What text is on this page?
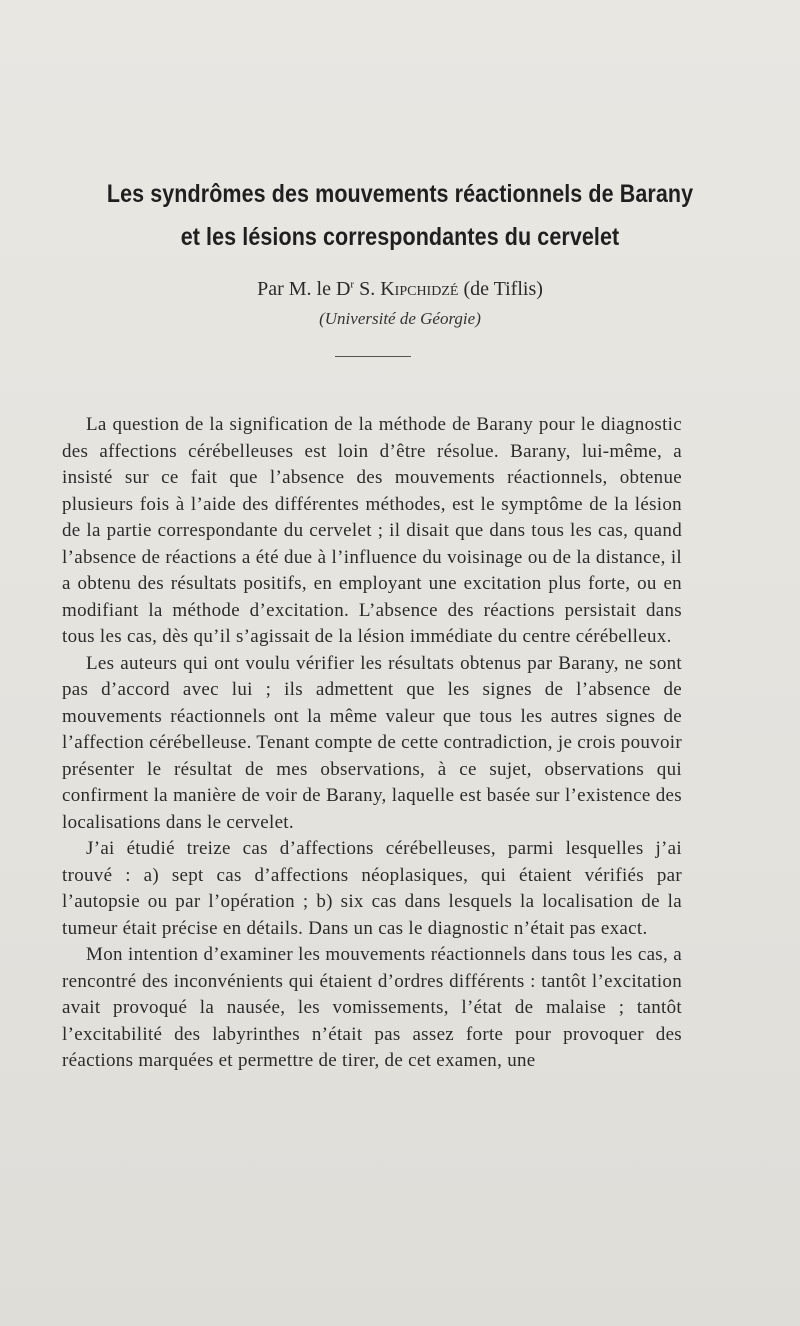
Les syndrômes des mouvements réactionnels de Barany
et les lésions correspondantes du cervelet
Par M. le $D^r$ S. Kipchidzé (de Tiflis)
(Université de Géorgie)

La question de la signification de la méthode de Barany pour le diagnostic des affections cérébelleuses est loin d’être résolue. Barany, lui-même, a insisté sur ce fait que l’absence des mouvements réactionnels, obtenue plusieurs fois à l’aide des différentes méthodes, est le symptôme de la lésion de la partie correspondante du cervelet ; il disait que dans tous les cas, quand l’absence de réactions a été due à l’influence du voisinage ou de la distance, il a obtenu des résultats positifs, en employant une excitation plus forte, ou en modifiant la méthode d’excitation. L’absence des réactions persistait dans tous les cas, dès qu’il s’agissait de la lésion immédiate du centre cérébelleux.

Les auteurs qui ont voulu vérifier les résultats obtenus par Barany, ne sont pas d’accord avec lui ; ils admettent que les signes de l’absence de mouvements réactionnels ont la même valeur que tous les autres signes de l’affection cérébelleuse. Tenant compte de cette contradiction, je crois pouvoir présenter le résultat de mes observations, à ce sujet, observations qui confirment la manière de voir de Barany, laquelle est basée sur l’existence des localisations dans le cervelet.

J’ai étudié treize cas d’affections cérébelleuses, parmi lesquelles j’ai trouvé : a) sept cas d’affections néoplasiques, qui étaient vérifiés par l’autopsie ou par l’opération ; b) six cas dans lesquels la localisation de la tumeur était précise en détails. Dans un cas le diagnostic n’était pas exact.

Mon intention d’examiner les mouvements réactionnels dans tous les cas, a rencontré des inconvénients qui étaient d’ordres différents : tantôt l’excitation avait provoqué la nausée, les vomissements, l’état de malaise ; tantôt l’excitabilité des labyrinthes n’était pas assez forte pour provoquer des réactions marquées et permettre de tirer, de cet examen, une
